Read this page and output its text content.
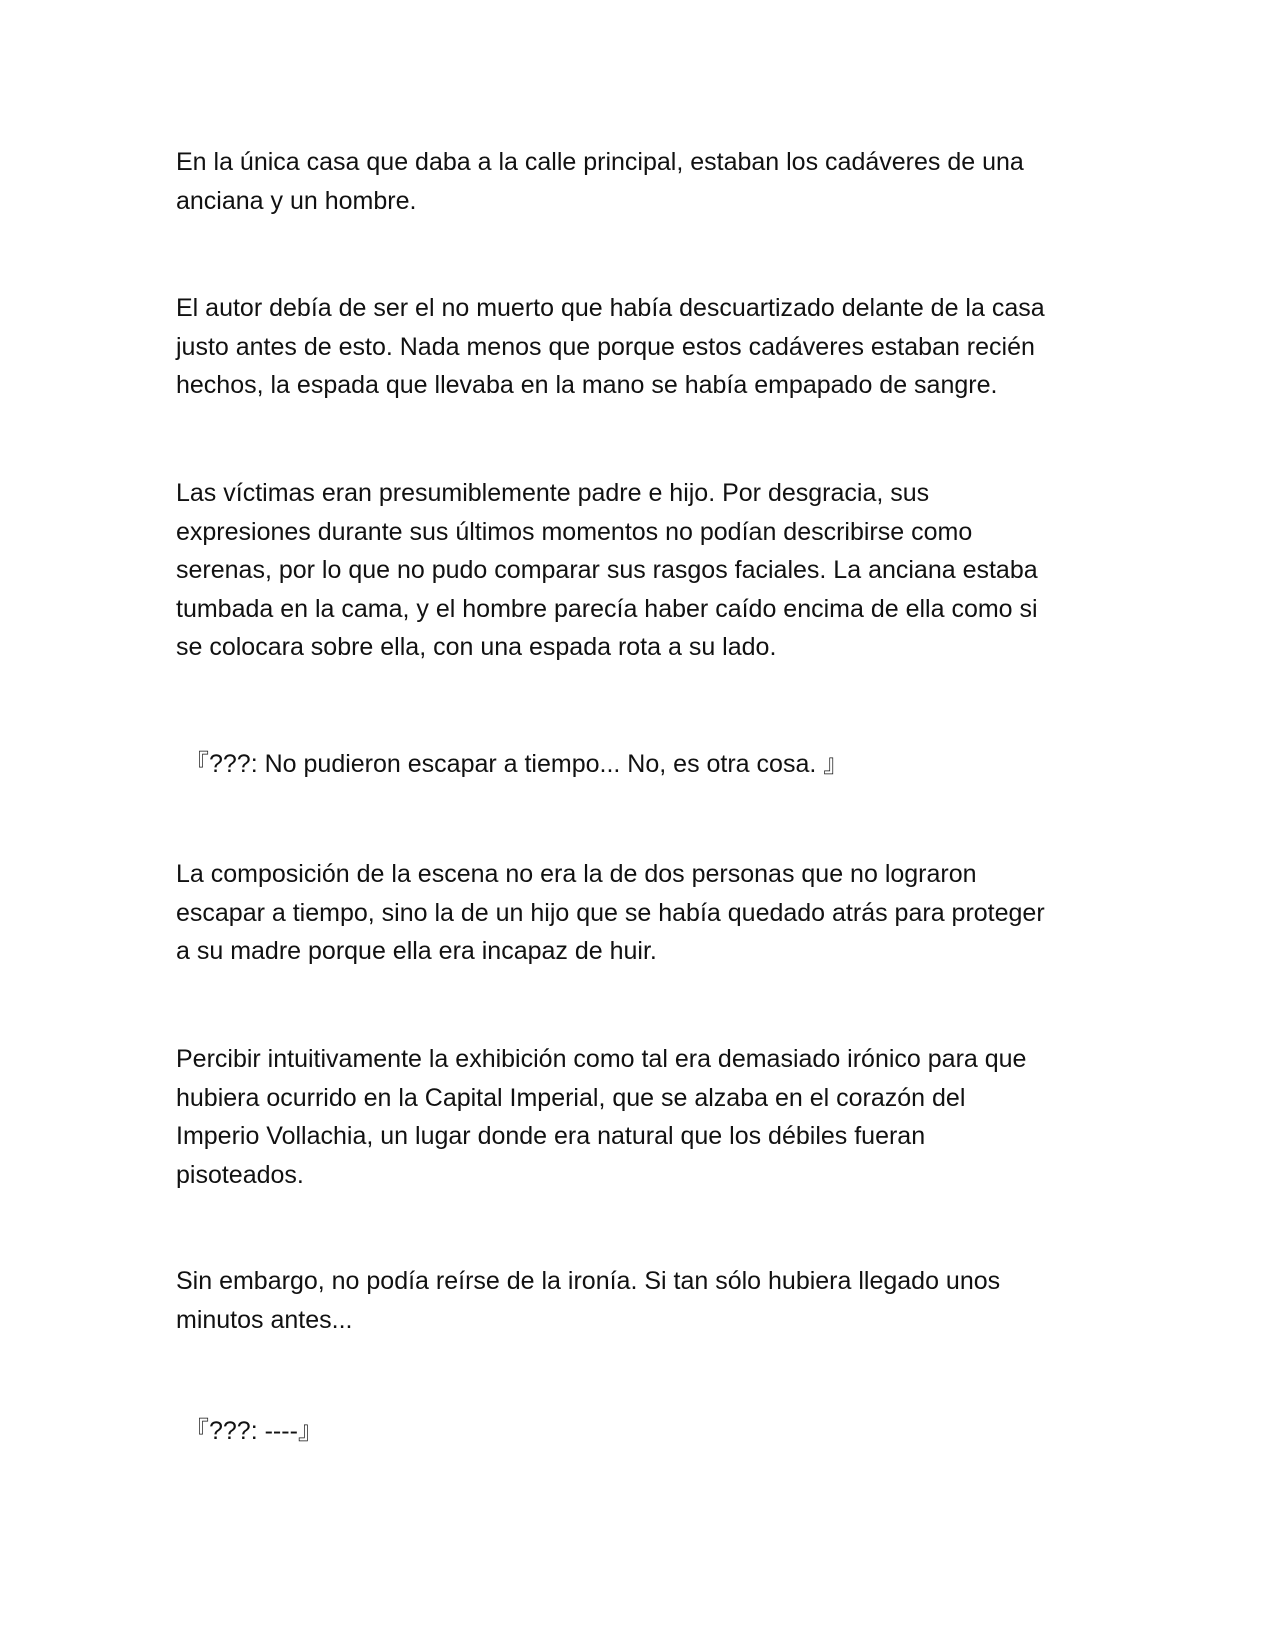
En la única casa que daba a la calle principal, estaban los cadáveres de una
anciana y un hombre.
El autor debía de ser el no muerto que había descuartizado delante de la casa
justo antes de esto. Nada menos que porque estos cadáveres estaban recién
hechos, la espada que llevaba en la mano se había empapado de sangre.
Las víctimas eran presumiblemente padre e hijo. Por desgracia, sus
expresiones durante sus últimos momentos no podían describirse como
serenas, por lo que no pudo comparar sus rasgos faciales. La anciana estaba
tumbada en la cama, y el hombre parecía haber caído encima de ella como si
se colocara sobre ella, con una espada rota a su lado.
『???: No pudieron escapar a tiempo... No, es otra cosa. 』
La composición de la escena no era la de dos personas que no lograron
escapar a tiempo, sino la de un hijo que se había quedado atrás para proteger
a su madre porque ella era incapaz de huir.
Percibir intuitivamente la exhibición como tal era demasiado irónico para que
hubiera ocurrido en la Capital Imperial, que se alzaba en el corazón del
Imperio Vollachia, un lugar donde era natural que los débiles fueran
pisoteados.
Sin embargo, no podía reírse de la ironía. Si tan sólo hubiera llegado unos
minutos antes...
『???: ----』
